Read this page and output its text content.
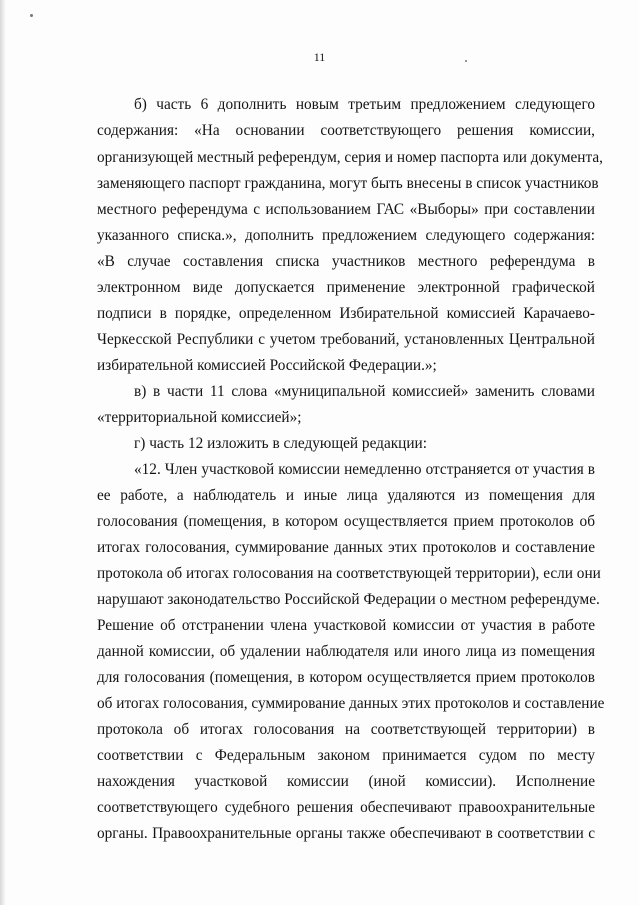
11
б) часть 6 дополнить новым третьим предложением следующего
содержания: «На основании соответствующего решения комиссии,
организующей местный референдум, серия и номер паспорта или документа,
заменяющего паспорт гражданина, могут быть внесены в список участников
местного референдума с использованием ГАС «Выборы» при составлении
указанного списка.», дополнить предложением следующего содержания:
«В случае составления списка участников местного референдума в
электронном виде допускается применение электронной графической
подписи в порядке, определенном Избирательной комиссией Карачаево-
Черкесской Республики с учетом требований, установленных Центральной
избирательной комиссией Российской Федерации.»;
в) в части 11 слова «муниципальной комиссией» заменить словами
«территориальной комиссией»;
г) часть 12 изложить в следующей редакции:
«12. Член участковой комиссии немедленно отстраняется от участия в
ее работе, а наблюдатель и иные лица удаляются из помещения для
голосования (помещения, в котором осуществляется прием протоколов об
итогах голосования, суммирование данных этих протоколов и составление
протокола об итогах голосования на соответствующей территории), если они
нарушают законодательство Российской Федерации о местном референдуме.
Решение об отстранении члена участковой комиссии от участия в работе
данной комиссии, об удалении наблюдателя или иного лица из помещения
для голосования (помещения, в котором осуществляется прием протоколов
об итогах голосования, суммирование данных этих протоколов и составление
протокола об итогах голосования на соответствующей территории) в
соответствии с Федеральным законом принимается судом по месту
нахождения участковой комиссии (иной комиссии). Исполнение
соответствующего судебного решения обеспечивают правоохранительные
органы. Правоохранительные органы также обеспечивают в соответствии с
